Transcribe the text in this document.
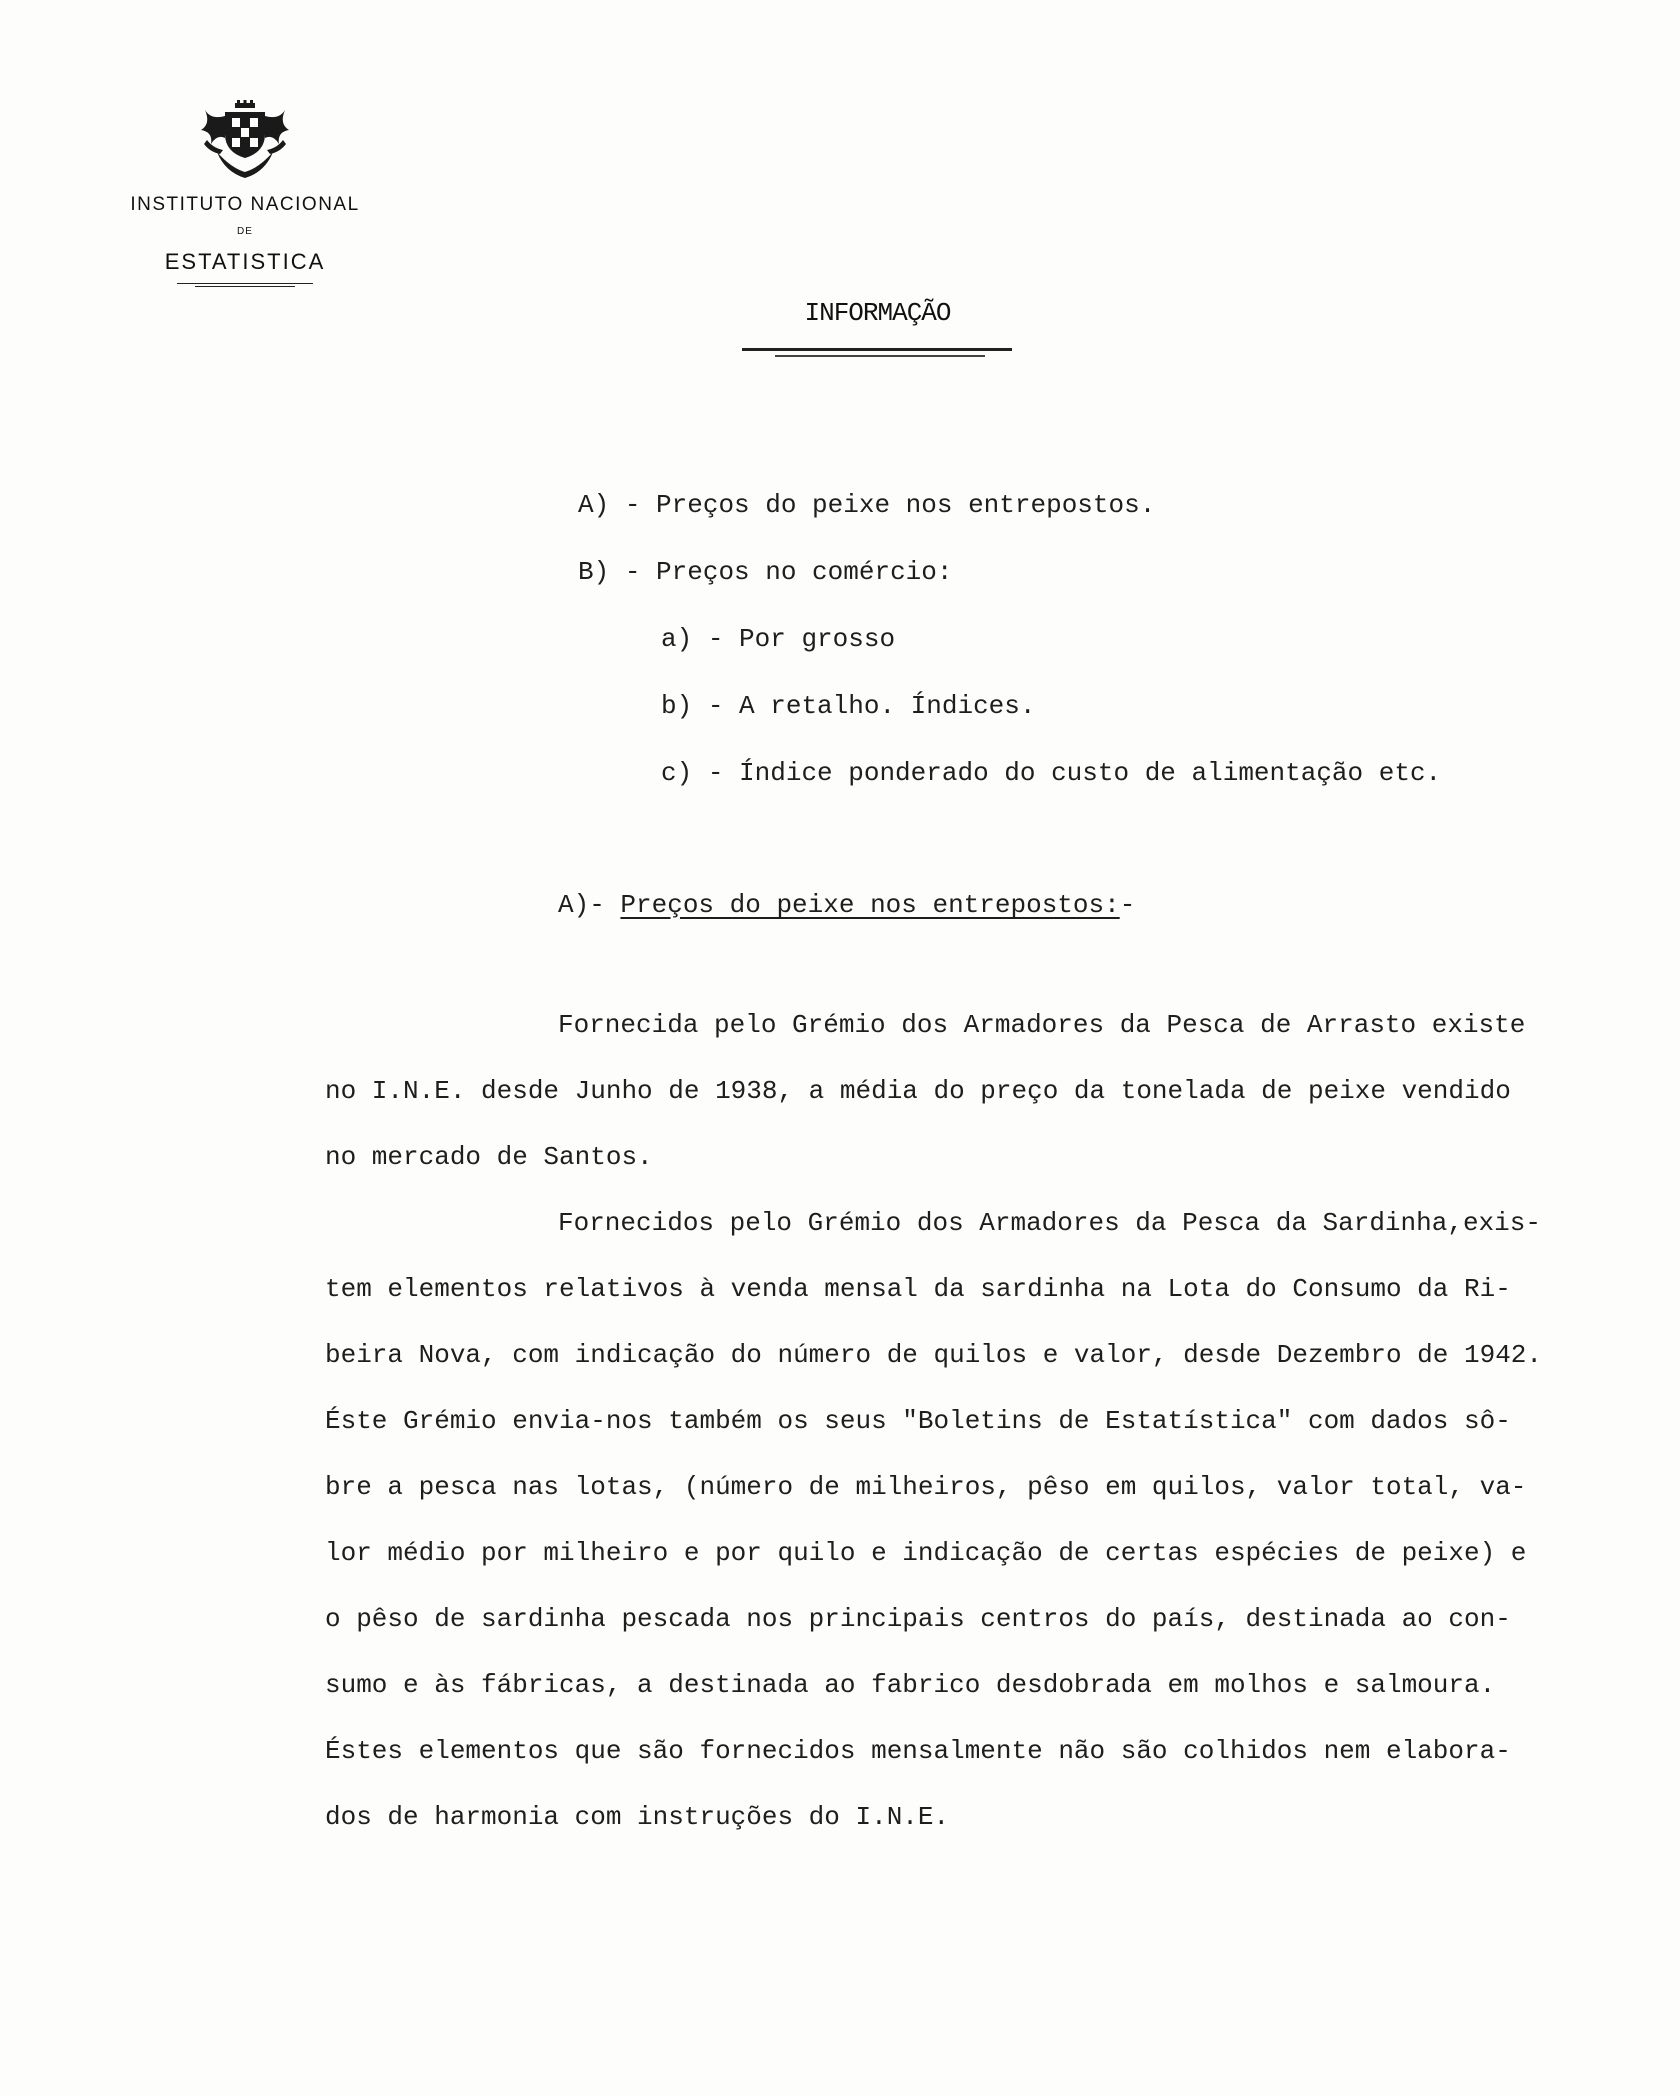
INSTITUTO NACIONAL
DE
ESTATISTICA
INFORMAÇÃO
A) - Preços do peixe nos entrepostos.
B) - Preços no comércio:
a) - Por grosso
b) - A retalho. Índices.
c) - Índice ponderado do custo de alimentação etc.
A)- Preços do peixe nos entrepostos:-
Fornecida pelo Grémio dos Armadores da Pesca de Arrasto existe
no I.N.E. desde Junho de 1938, a média do preço da tonelada de peixe vendido
no mercado de Santos.
Fornecidos pelo Grémio dos Armadores da Pesca da Sardinha,exis-
tem elementos relativos à venda mensal da sardinha na Lota do Consumo da Ri-
beira Nova, com indicação do número de quilos e valor, desde Dezembro de 1942.
Éste Grémio envia-nos também os seus "Boletins de Estatística" com dados sô-
bre a pesca nas lotas, (número de milheiros, pêso em quilos, valor total, va-
lor médio por milheiro e por quilo e indicação de certas espécies de peixe) e
o pêso de sardinha pescada nos principais centros do país, destinada ao con-
sumo e às fábricas, a destinada ao fabrico desdobrada em molhos e salmoura.
Éstes elementos que são fornecidos mensalmente não são colhidos nem elabora-
dos de harmonia com instruções do I.N.E.
